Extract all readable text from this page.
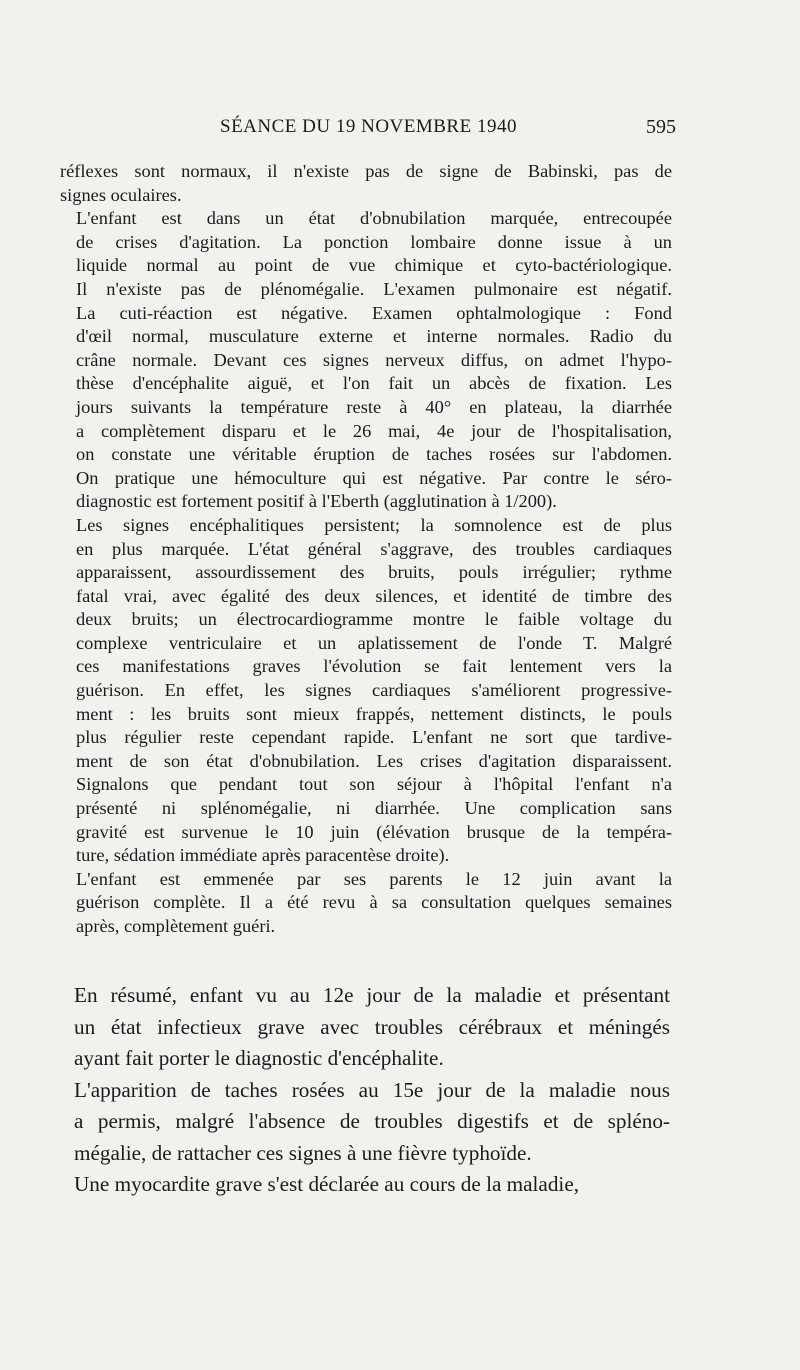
SÉANCE DU 19 NOVEMBRE 1940	595

réflexes sont normaux, il n'existe pas de signe de Babinski, pas de
signes oculaires.

L'enfant est dans un état d'obnubilation marquée, entrecoupée
de crises d'agitation. La ponction lombaire donne issue à un
liquide normal au point de vue chimique et cyto-bactériologique.
Il n'existe pas de plénomégalie. L'examen pulmonaire est négatif.
La cuti-réaction est négative. Examen ophtalmologique : Fond
d'œil normal, musculature externe et interne normales. Radio du
crâne normale. Devant ces signes nerveux diffus, on admet l'hypo-
thèse d'encéphalite aiguë, et l'on fait un abcès de fixation. Les
jours suivants la température reste à 40° en plateau, la diarrhée
a complètement disparu et le 26 mai, 4e jour de l'hospitalisation,
on constate une véritable éruption de taches rosées sur l'abdomen.
On pratique une hémoculture qui est négative. Par contre le séro-
diagnostic est fortement positif à l'Eberth (agglutination à 1/200).

Les signes encéphalitiques persistent; la somnolence est de plus
en plus marquée. L'état général s'aggrave, des troubles cardiaques
apparaissent, assourdissement des bruits, pouls irrégulier; rythme
fatal vrai, avec égalité des deux silences, et identité de timbre des
deux bruits; un électrocardiogramme montre le faible voltage du
complexe ventriculaire et un aplatissement de l'onde T. Malgré
ces manifestations graves l'évolution se fait lentement vers la
guérison. En effet, les signes cardiaques s'améliorent progressive-
ment : les bruits sont mieux frappés, nettement distincts, le pouls
plus régulier reste cependant rapide. L'enfant ne sort que tardive-
ment de son état d'obnubilation. Les crises d'agitation disparaissent.
Signalons que pendant tout son séjour à l'hôpital l'enfant n'a
présenté ni splénomégalie, ni diarrhée. Une complication sans
gravité est survenue le 10 juin (élévation brusque de la tempéra-
ture, sédation immédiate après paracentèse droite).

L'enfant est emmenée par ses parents le 12 juin avant la
guérison complète. Il a été revu à sa consultation quelques semaines
après, complètement guéri.

En résumé, enfant vu au 12e jour de la maladie et présentant
un état infectieux grave avec troubles cérébraux et méningés
ayant fait porter le diagnostic d'encéphalite.

L'apparition de taches rosées au 15e jour de la maladie nous
a permis, malgré l'absence de troubles digestifs et de spléno-
mégalie, de rattacher ces signes à une fièvre typhoïde.

Une myocardite grave s'est déclarée au cours de la maladie,
